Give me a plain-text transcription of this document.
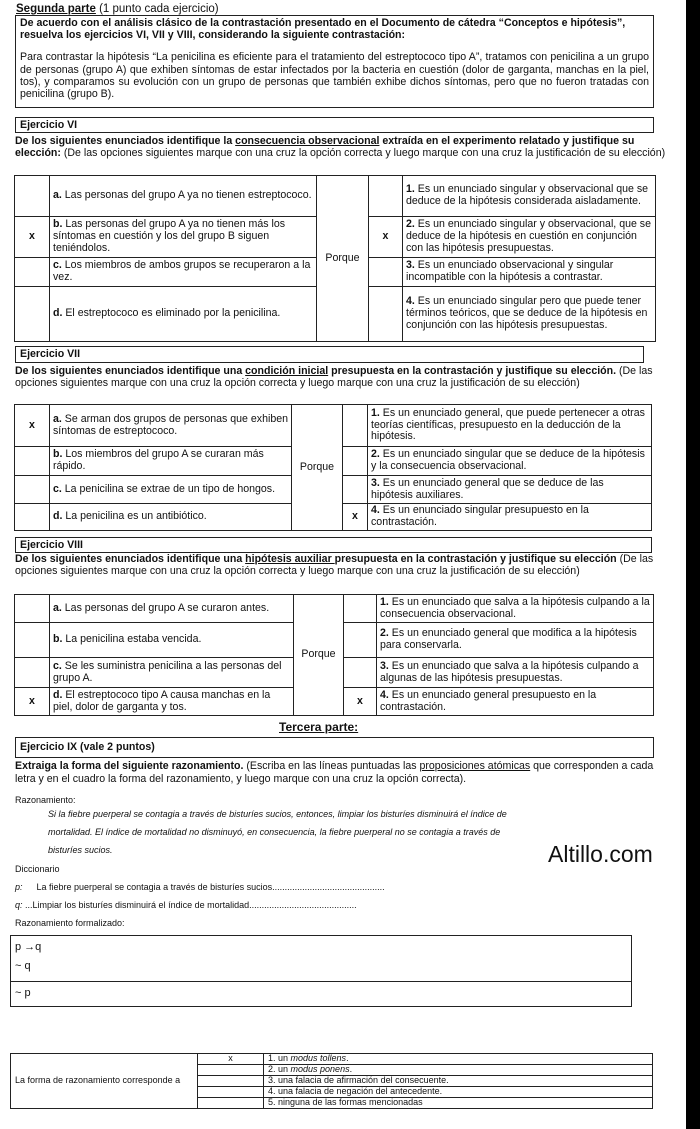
Segunda parte (1 punto cada ejercicio)
De acuerdo con el análisis clásico de la contrastación presentado en el Documento de cátedra “Conceptos e hipótesis”, resuelva los ejercicios VI, VII y VIII, considerando la siguiente contrastación:
Para contrastar la hipótesis “La penicilina es eficiente para el tratamiento del estreptococo tipo A”, tratamos con penicilina a un grupo de personas (grupo A) que exhiben síntomas de estar infectados por la bacteria en cuestión (dolor de garganta, manchas en la piel, tos), y comparamos su evolución con un grupo de personas que también exhibe dichos síntomas, pero que no fueron tratadas con penicilina (grupo B).
Ejercicio VI
De los siguientes enunciados identifique la consecuencia observacional extraída en el experimento relatado y justifique su elección: (De las opciones siguientes marque con una cruz la opción correcta y luego marque con una cruz la justificación de su elección)
	a. Las personas del grupo A ya no tienen estreptococo.	Porque		1. Es un enunciado singular y observacional que se deduce de la hipótesis considerada aisladamente.
x	b. Las personas del grupo A ya no tienen más los síntomas en cuestión y los del grupo B siguen teniéndolos.		x	2. Es un enunciado singular y observacional, que se deduce de la hipótesis en cuestión en conjunción con las hipótesis presupuestas.
	c. Los miembros de ambos grupos se recuperaron a la vez.			3. Es un enunciado observacional y singular incompatible con la hipótesis a contrastar.
	d. El estreptococo es eliminado por la penicilina.			4. Es un enunciado singular pero que puede tener términos teóricos, que se deduce de la hipótesis en conjunción con las hipótesis presupuestas.
Ejercicio VII
De los siguientes enunciados identifique una condición inicial presupuesta en la contrastación y justifique su elección. (De las opciones siguientes marque con una cruz la opción correcta y luego marque con una cruz la justificación de su elección)
x	a. Se arman dos grupos de personas que exhiben síntomas de estreptococo.	Porque		1. Es un enunciado general, que puede pertenecer a otras teorías científicas, presupuesto en la deducción de la hipótesis.
	b. Los miembros del grupo A se curaran más rápido.			2. Es un enunciado singular que se deduce de la hipótesis y la consecuencia observacional.
	c. La penicilina se extrae de un tipo de hongos.			3. Es un enunciado general que se deduce de las hipótesis auxiliares.
	d. La penicilina es un antibiótico.		x	4. Es un enunciado singular presupuesto en la contrastación.
Ejercicio VIII
De los siguientes enunciados identifique una hipótesis auxiliar presupuesta en la contrastación y justifique su elección (De las opciones siguientes marque con una cruz la opción correcta y luego marque con una cruz la justificación de su elección)
	a. Las personas del grupo A se curaron antes.	Porque		1. Es un enunciado que salva a la hipótesis culpando a la consecuencia observacional.
	b. La penicilina estaba vencida.			2. Es un enunciado general que modifica a la hipótesis para conservarla.
	c. Se les suministra penicilina a las personas del grupo A.			3. Es un enunciado que salva a la hipótesis culpando a algunas de las hipótesis presupuestas.
x	d. El estreptococo tipo A causa manchas en la piel, dolor de garganta y tos.		x	4. Es un enunciado general presupuesto en la contrastación.
Tercera parte:
Ejercicio IX (vale 2 puntos)
Extraiga la forma del siguiente razonamiento. (Escriba en las líneas puntuadas las proposiciones atómicas que corresponden a cada letra y en el cuadro la forma del razonamiento, y luego marque con una cruz la opción correcta).
Razonamiento:
Si la fiebre puerperal se contagia a través de bisturíes sucios, entonces, limpiar los bisturíes disminuirá el índice de
mortalidad. El índice de mortalidad no disminuyó, en consecuencia, la fiebre puerperal no se contagia a través de
bisturíes sucios.	Altillo.com
Diccionario
p: La fiebre puerperal se contagia a través de bisturíes sucios.............................................
q: ...Limpiar los bisturíes disminuirá el índice de mortalidad...........................................
Razonamiento formalizado:
p →q
~ q
~ p
La forma de razonamiento corresponde a	x	1. un modus tollens.
		2. un modus ponens.
		3. una falacia de afirmación del consecuente.
		4. una falacia de negación del antecedente.
		5. ninguna de las formas mencionadas
